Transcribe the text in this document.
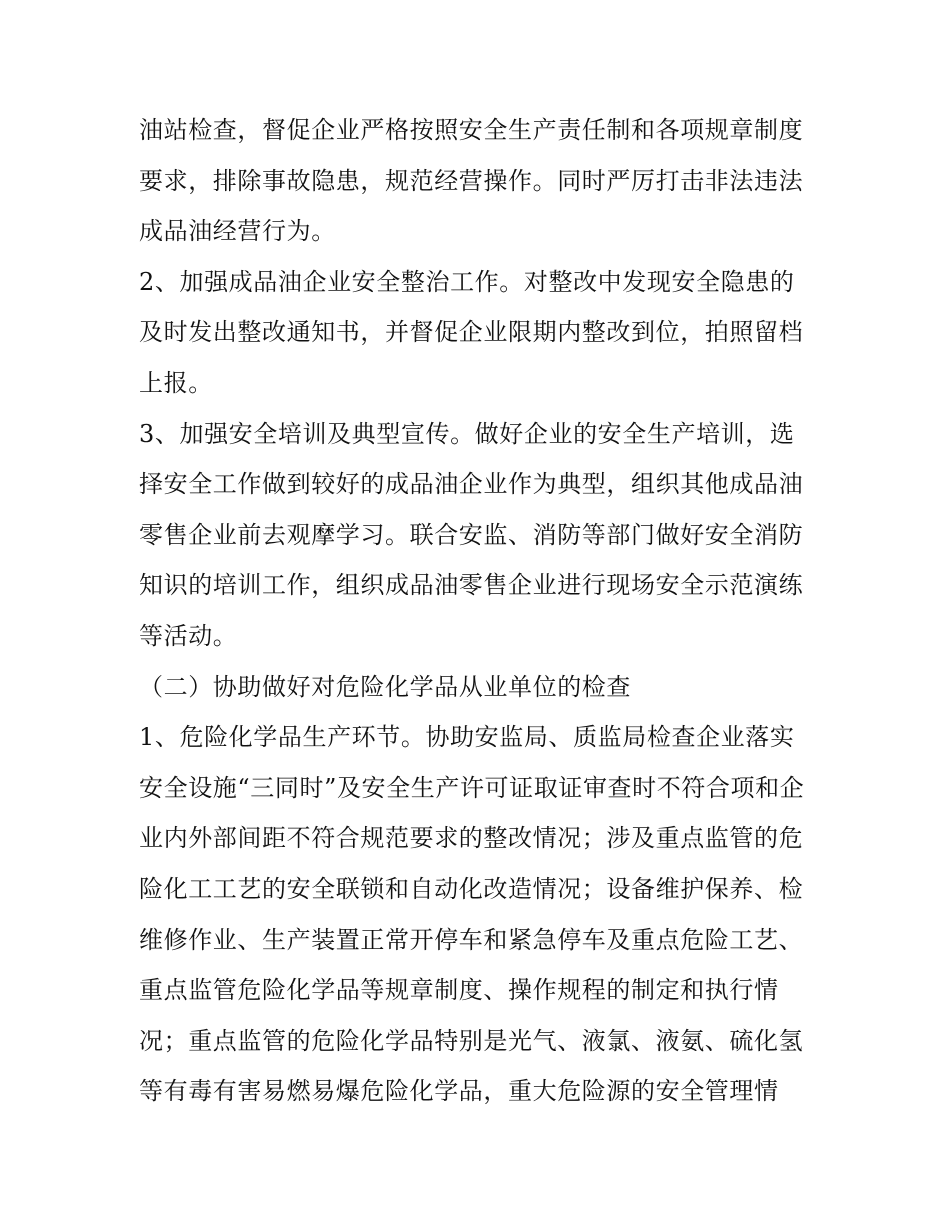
油站检查，督促企业严格按照安全生产责任制和各项规章制度
要求，排除事故隐患，规范经营操作。同时严厉打击非法违法
成品油经营行为。
2、加强成品油企业安全整治工作。对整改中发现安全隐患的
及时发出整改通知书，并督促企业限期内整改到位，拍照留档
上报。
3、加强安全培训及典型宣传。做好企业的安全生产培训，选
择安全工作做到较好的成品油企业作为典型，组织其他成品油
零售企业前去观摩学习。联合安监、消防等部门做好安全消防
知识的培训工作，组织成品油零售企业进行现场安全示范演练
等活动。
（二）协助做好对危险化学品从业单位的检查
1、危险化学品生产环节。协助安监局、质监局检查企业落实
安全设施“三同时”及安全生产许可证取证审查时不符合项和企
业内外部间距不符合规范要求的整改情况；涉及重点监管的危
险化工工艺的安全联锁和自动化改造情况；设备维护保养、检
维修作业、生产装置正常开停车和紧急停车及重点危险工艺、
重点监管危险化学品等规章制度、操作规程的制定和执行情
况；重点监管的危险化学品特别是光气、液氯、液氨、硫化氢
等有毒有害易燃易爆危险化学品，重大危险源的安全管理情
